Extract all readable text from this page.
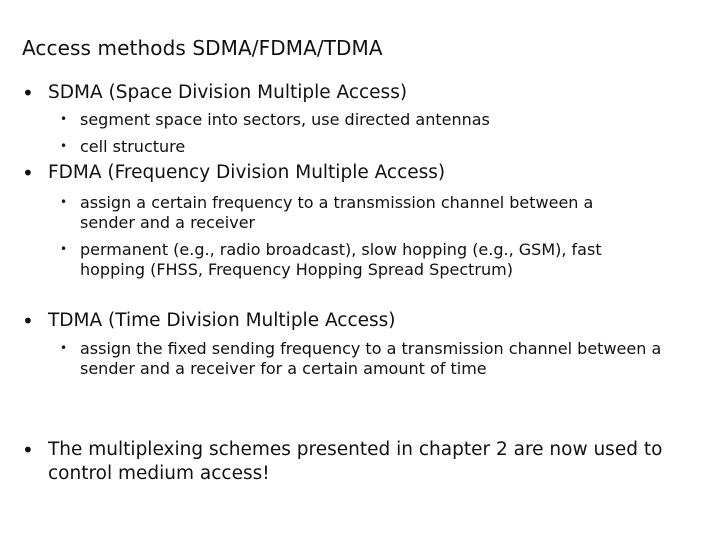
Access methods SDMA/FDMA/TDMA
• SDMA (Space Division Multiple Access)
• segment space into sectors, use directed antennas
• cell structure
• FDMA (Frequency Division Multiple Access)
• assign a certain frequency to a transmission channel between a sender and a receiver
• permanent (e.g., radio broadcast), slow hopping (e.g., GSM), fast hopping (FHSS, Frequency Hopping Spread Spectrum)
• TDMA (Time Division Multiple Access)
• assign the fixed sending frequency to a transmission channel between a sender and a receiver for a certain amount of time
• The multiplexing schemes presented in chapter 2 are now used to control medium access!
